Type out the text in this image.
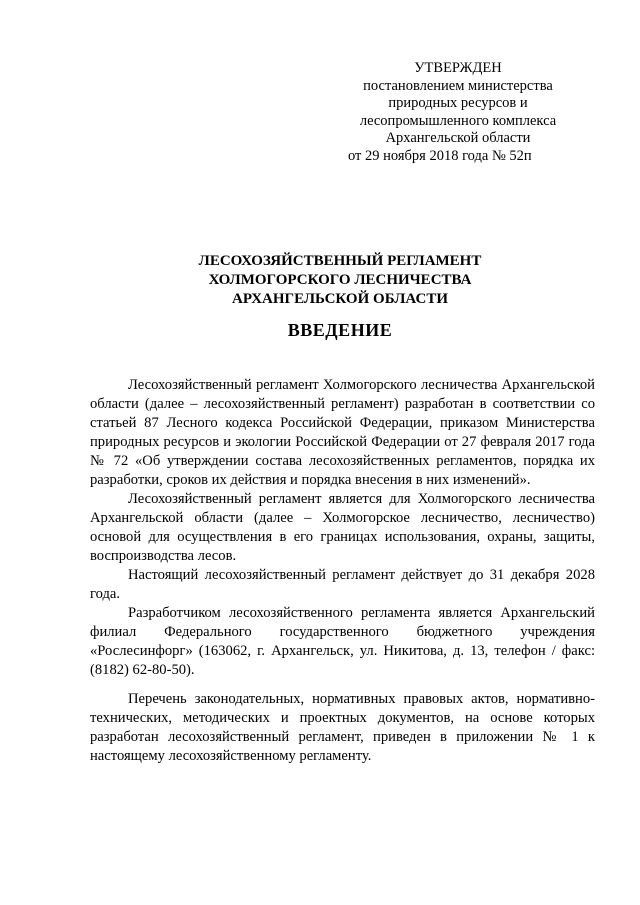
УТВЕРЖДЕН
постановлением министерства
природных ресурсов и
лесопромышленного комплекса
Архангельской области
от 29 ноября 2018 года № 52п
ЛЕСОХОЗЯЙСТВЕННЫЙ РЕГЛАМЕНТ
ХОЛМОГОРСКОГО ЛЕСНИЧЕСТВА
АРХАНГЕЛЬСКОЙ ОБЛАСТИ
ВВЕДЕНИЕ

Лесохозяйственный регламент Холмогорского лесничества Архангельской области (далее – лесохозяйственный регламент) разработан в соответствии со статьей 87 Лесного кодекса Российской Федерации, приказом Министерства природных ресурсов и экологии Российской Федерации от 27 февраля 2017 года № 72 «Об утверждении состава лесохозяйственных регламентов, порядка их разработки, сроков их действия и порядка внесения в них изменений».

Лесохозяйственный регламент является для Холмогорского лесничества Архангельской области (далее – Холмогорское лесничество, лесничество) основой для осуществления в его границах использования, охраны, защиты, воспроизводства лесов.

Настоящий лесохозяйственный регламент действует до 31 декабря 2028 года.

Разработчиком лесохозяйственного регламента является Архангельский филиал Федерального государственного бюджетного учреждения «Рослесинфорг» (163062, г. Архангельск, ул. Никитова, д. 13, телефон / факс: (8182) 62-80-50).

Перечень законодательных, нормативных правовых актов, нормативно-технических, методических и проектных документов, на основе которых разработан лесохозяйственный регламент, приведен в приложении № 1 к настоящему лесохозяйственному регламенту.
